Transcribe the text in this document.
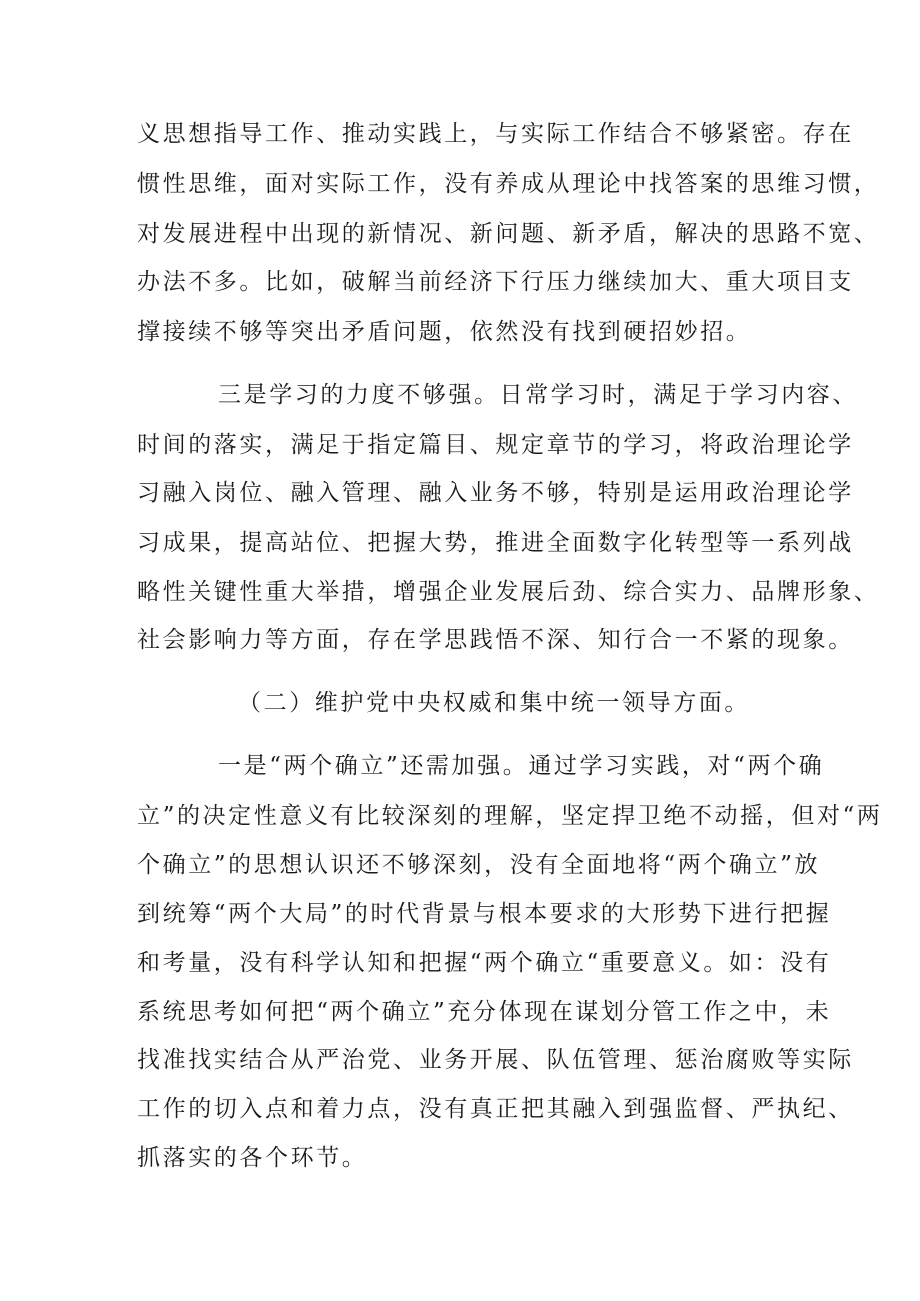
义思想指导工作、推动实践上，与实际工作结合不够紧密。存在
惯性思维，面对实际工作，没有养成从理论中找答案的思维习惯，
对发展进程中出现的新情况、新问题、新矛盾，解决的思路不宽、
办法不多。比如，破解当前经济下行压力继续加大、重大项目支
撑接续不够等突出矛盾问题，依然没有找到硬招妙招。
三是学习的力度不够强。日常学习时，满足于学习内容、
时间的落实，满足于指定篇目、规定章节的学习，将政治理论学
习融入岗位、融入管理、融入业务不够，特别是运用政治理论学
习成果，提高站位、把握大势，推进全面数字化转型等一系列战
略性关键性重大举措，增强企业发展后劲、综合实力、品牌形象、
社会影响力等方面，存在学思践悟不深、知行合一不紧的现象。
（二）维护党中央权威和集中统一领导方面。
一是“两个确立”还需加强。通过学习实践，对“两个确
立”的决定性意义有比较深刻的理解，坚定捍卫绝不动摇，但对“两
个确立”的思想认识还不够深刻，没有全面地将“两个确立”放
到统筹“两个大局”的时代背景与根本要求的大形势下进行把握
和考量，没有科学认知和把握“两个确立“重要意义。如：没有
系统思考如何把“两个确立”充分体现在谋划分管工作之中，未
找准找实结合从严治党、业务开展、队伍管理、惩治腐败等实际
工作的切入点和着力点，没有真正把其融入到强监督、严执纪、
抓落实的各个环节。
